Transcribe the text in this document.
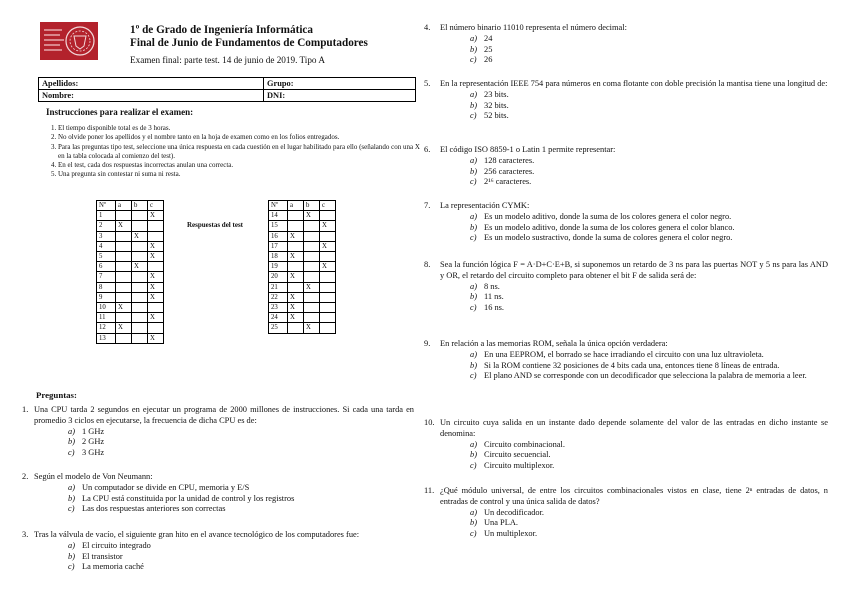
1º de Grado de Ingeniería Informática
Final de Junio de Fundamentos de Computadores
Examen final: parte test. 14 de junio de 2019. Tipo A
Apellidos:	Grupo:
Nombre:	DNI:
Instrucciones para realizar el examen:
1. El tiempo disponible total es de 3 horas.
2. No olvide poner los apellidos y el nombre tanto en la hoja de examen como en los folios entregados.
3. Para las preguntas tipo test, seleccione una única respuesta en cada cuestión en el lugar habilitado para ello (señalando con una X en la tabla colocada al comienzo del test).
4. En el test, cada dos respuestas incorrectas anulan una correcta.
5. Una pregunta sin contestar ni suma ni resta.
Nº	a	b	c
1			X
2	X		
3		X	
4			X
5			X
6		X	
7			X
8			X
9			X
10	X		
11			X
12	X		
13			X
Respuestas del test
Nº	a	b	c
14		X	
15			X
16	X		
17			X
18	X		
19			X
20	X		
21		X	
22	X		
23	X		
24	X		
25		X	
Preguntas:
1. Una CPU tarda 2 segundos en ejecutar un programa de 2000 millones de instrucciones. Si cada una tarda en promedio 3 ciclos en ejecutarse, la frecuencia de dicha CPU es de:
a) 1 GHz
b) 2 GHz
c) 3 GHz
2. Según el modelo de Von Neumann:
a) Un computador se divide en CPU, memoria y E/S
b) La CPU está constituida por la unidad de control y los registros
c) Las dos respuestas anteriores son correctas
3. Tras la válvula de vacío, el siguiente gran hito en el avance tecnológico de los computadores fue:
a) El circuito integrado
b) El transistor
c) La memoria caché
4.	El número binario 11010 representa el número decimal:
a) 24
b) 25
c) 26
5.	En la representación IEEE 754 para números en coma flotante con doble precisión la mantisa tiene una longitud de:
a) 23 bits.
b) 32 bits.
c) 52 bits.
6.	El código ISO 8859-1 o Latin 1 permite representar:
a) 128 caracteres.
b) 256 caracteres.
c) 2¹⁶ caracteres.
7.	La representación CYMK:
a) Es un modelo aditivo, donde la suma de los colores genera el color negro.
b) Es un modelo aditivo, donde la suma de los colores genera el color blanco.
c) Es un modelo sustractivo, donde la suma de colores genera el color negro.
8.	Sea la función lógica F = A·D+C·E+B, si suponemos un retardo de 3 ns para las puertas NOT y 5 ns para las AND y OR, el retardo del circuito completo para obtener el bit F de salida será de:
a) 8 ns.
b) 11 ns.
c) 16 ns.
9.	En relación a las memorias ROM, señala la única opción verdadera:
a) En una EEPROM, el borrado se hace irradiando el circuito con una luz ultravioleta.
b) Si la ROM contiene 32 posiciones de 4 bits cada una, entonces tiene 8 líneas de entrada.
c) El plano AND se corresponde con un decodificador que selecciona la palabra de memoria a leer.
10. Un circuito cuya salida en un instante dado depende solamente del valor de las entradas en dicho instante se denomina:
a) Circuito combinacional.
b) Circuito secuencial.
c) Circuito multiplexor.
11. ¿Qué módulo universal, de entre los circuitos combinacionales vistos en clase, tiene 2ⁿ entradas de datos, n entradas de control y una única salida de datos?
a) Un decodificador.
b) Una PLA.
c) Un multiplexor.
